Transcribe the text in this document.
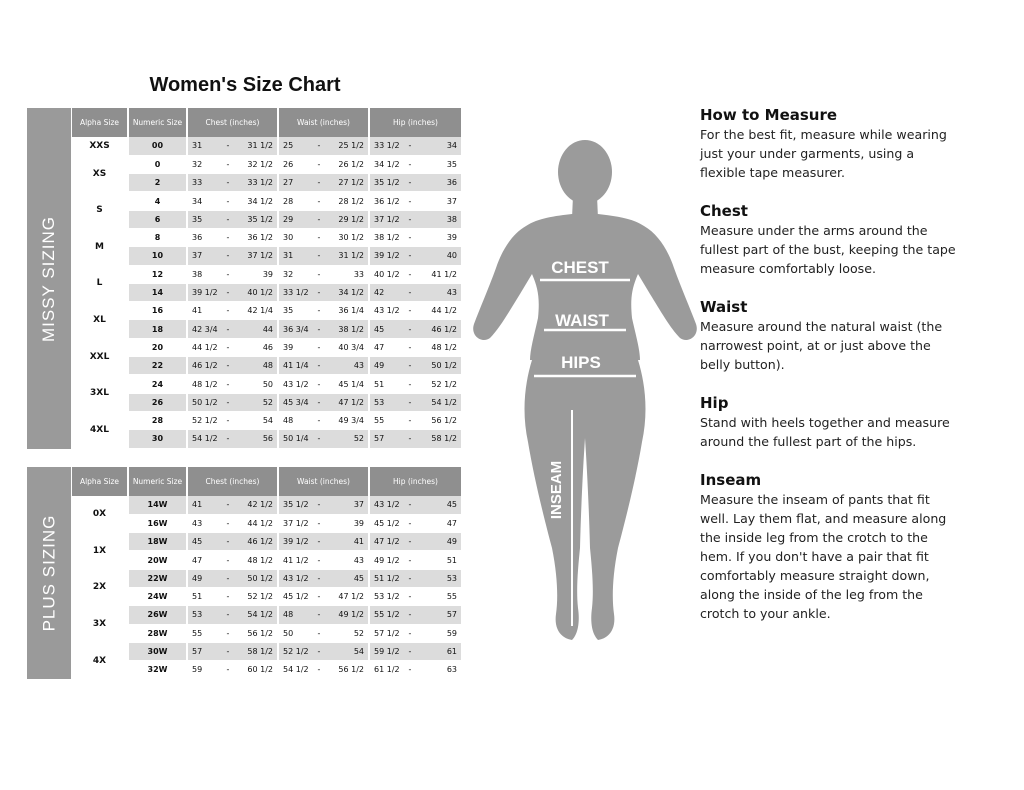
Women's Size Chart
MISSY SIZING
PLUS SIZING
Alpha Size	Numeric Size	Chest (inches)	Waist (inches)	Hip (inches)
XXS	00	31 - 31 1/2	25 - 25 1/2	33 1/2 - 34

XS	0	32 - 32 1/2	26 - 26 1/2	34 1/2 - 35

	2	33 - 33 1/2	27 - 27 1/2	35 1/2 - 36

S	4	34 - 34 1/2	28 - 28 1/2	36 1/2 - 37

	6	35 - 35 1/2	29 - 29 1/2	37 1/2 - 38

M	8	36 - 36 1/2	30 - 30 1/2	38 1/2 - 39

	10	37 - 37 1/2	31 - 31 1/2	39 1/2 - 40

L	12	38 - 39	32 - 33	40 1/2 - 41 1/2

	14	39 1/2 - 40 1/2	33 1/2 - 34 1/2	42 - 43

XL	16	41 - 42 1/4	35 - 36 1/4	43 1/2 - 44 1/2

	18	42 3/4 - 44	36 3/4 - 38 1/2	45 - 46 1/2

XXL	20	44 1/2 - 46	39 - 40 3/4	47 - 48 1/2

	22	46 1/2 - 48	41 1/4 - 43	49 - 50 1/2

3XL	24	48 1/2 - 50	43 1/2 - 45 1/4	51 - 52 1/2

	26	50 1/2 - 52	45 3/4 - 47 1/2	53 - 54 1/2

4XL	28	52 1/2 - 54	48 - 49 3/4	55 - 56 1/2

	30	54 1/2 - 56	50 1/4 - 52	57 - 58 1/2
Alpha Size	Numeric Size	Chest (inches)	Waist (inches)	Hip (inches)
0X	14W	41 - 42 1/2	35 1/2 - 37	43 1/2 - 45

	16W	43 - 44 1/2	37 1/2 - 39	45 1/2 - 47

1X	18W	45 - 46 1/2	39 1/2 - 41	47 1/2 - 49

	20W	47 - 48 1/2	41 1/2 - 43	49 1/2 - 51

2X	22W	49 - 50 1/2	43 1/2 - 45	51 1/2 - 53

	24W	51 - 52 1/2	45 1/2 - 47 1/2	53 1/2 - 55

3X	26W	53 - 54 1/2	48 - 49 1/2	55 1/2 - 57

	28W	55 - 56 1/2	50 - 52	57 1/2 - 59

4X	30W	57 - 58 1/2	52 1/2 - 54	59 1/2 - 61

	32W	59 - 60 1/2	54 1/2 - 56 1/2	61 1/2 - 63
CHEST
WAIST
HIPS
INSEAM
How to Measure
For the best fit, measure while wearing just your under garments, using a flexible tape measurer.
Chest
Measure under the arms around the fullest part of the bust, keeping the tape measure comfortably loose.
Waist
Measure around the natural waist (the narrowest point, at or just above the belly button).
Hip
Stand with heels together and measure around the fullest part of the hips.
Inseam
Measure the inseam of pants that fit well. Lay them flat, and measure along the inside leg from the crotch to the hem. If you don't have a pair that fit comfortably measure straight down, along the inside of the leg from the crotch to your ankle.
